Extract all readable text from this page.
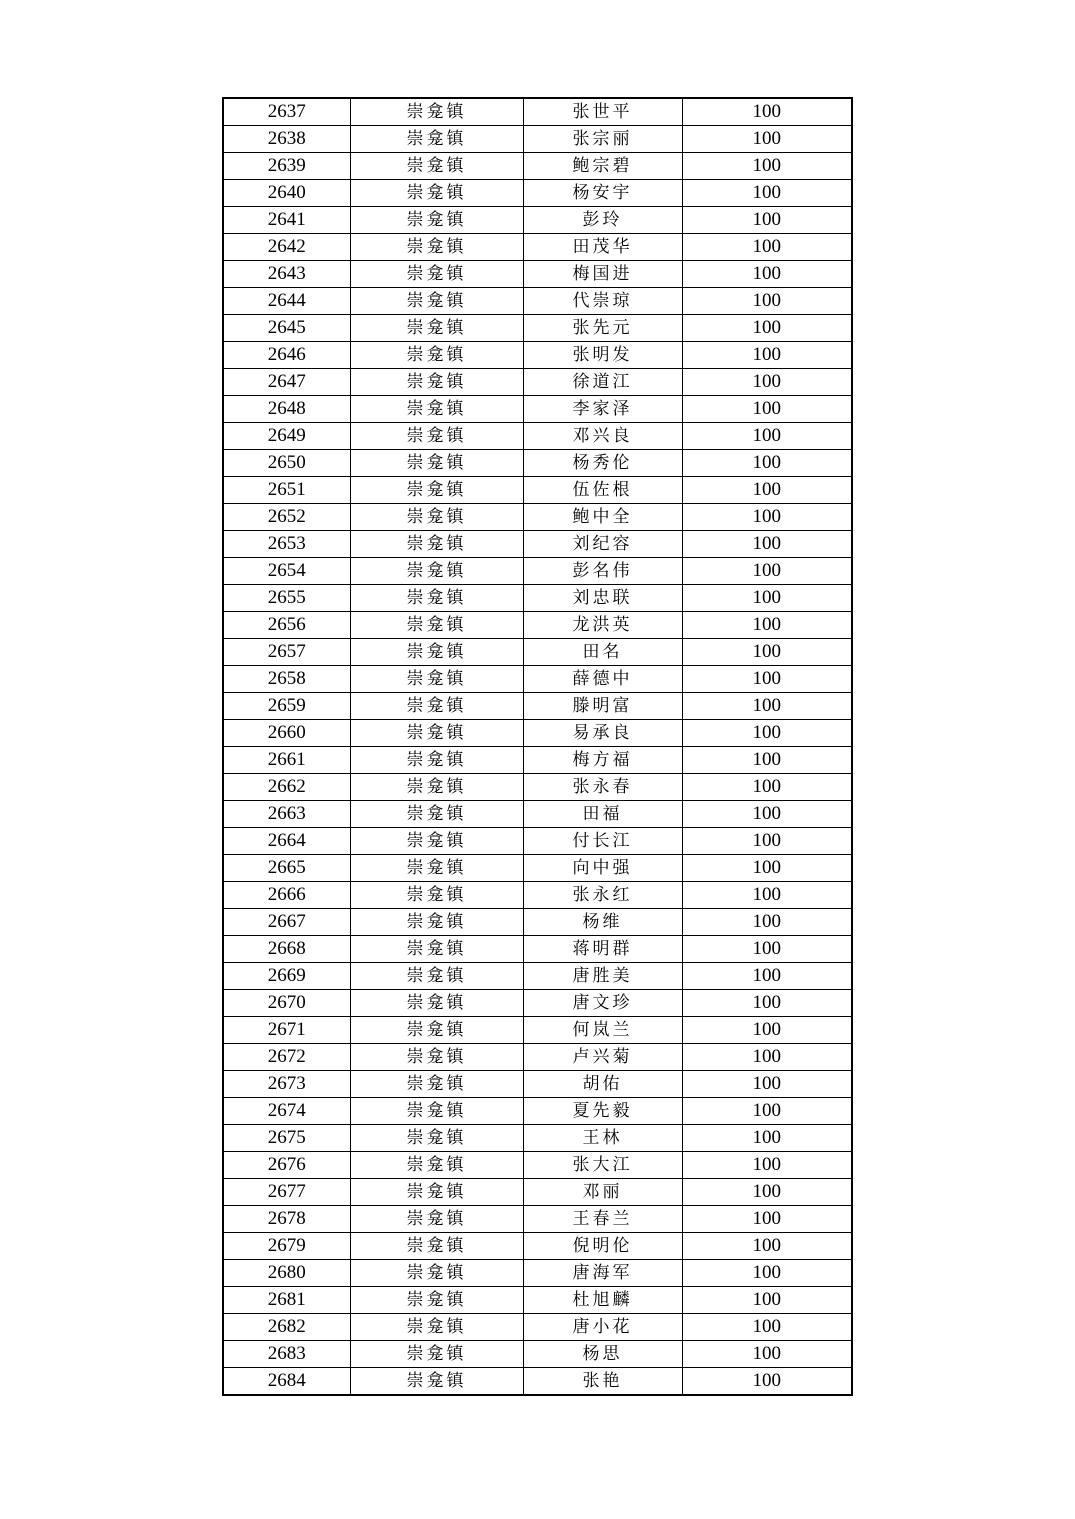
2637	崇龛镇	张世平	100
2638	崇龛镇	张宗丽	100
2639	崇龛镇	鲍宗碧	100
2640	崇龛镇	杨安宇	100
2641	崇龛镇	彭玲	100
2642	崇龛镇	田茂华	100
2643	崇龛镇	梅国进	100
2644	崇龛镇	代崇琼	100
2645	崇龛镇	张先元	100
2646	崇龛镇	张明发	100
2647	崇龛镇	徐道江	100
2648	崇龛镇	李家泽	100
2649	崇龛镇	邓兴良	100
2650	崇龛镇	杨秀伦	100
2651	崇龛镇	伍佐根	100
2652	崇龛镇	鲍中全	100
2653	崇龛镇	刘纪容	100
2654	崇龛镇	彭名伟	100
2655	崇龛镇	刘忠联	100
2656	崇龛镇	龙洪英	100
2657	崇龛镇	田名	100
2658	崇龛镇	薛德中	100
2659	崇龛镇	滕明富	100
2660	崇龛镇	易承良	100
2661	崇龛镇	梅方福	100
2662	崇龛镇	张永春	100
2663	崇龛镇	田福	100
2664	崇龛镇	付长江	100
2665	崇龛镇	向中强	100
2666	崇龛镇	张永红	100
2667	崇龛镇	杨维	100
2668	崇龛镇	蒋明群	100
2669	崇龛镇	唐胜美	100
2670	崇龛镇	唐文珍	100
2671	崇龛镇	何岚兰	100
2672	崇龛镇	卢兴菊	100
2673	崇龛镇	胡佑	100
2674	崇龛镇	夏先毅	100
2675	崇龛镇	王林	100
2676	崇龛镇	张大江	100
2677	崇龛镇	邓丽	100
2678	崇龛镇	王春兰	100
2679	崇龛镇	倪明伦	100
2680	崇龛镇	唐海军	100
2681	崇龛镇	杜旭麟	100
2682	崇龛镇	唐小花	100
2683	崇龛镇	杨思	100
2684	崇龛镇	张艳	100
